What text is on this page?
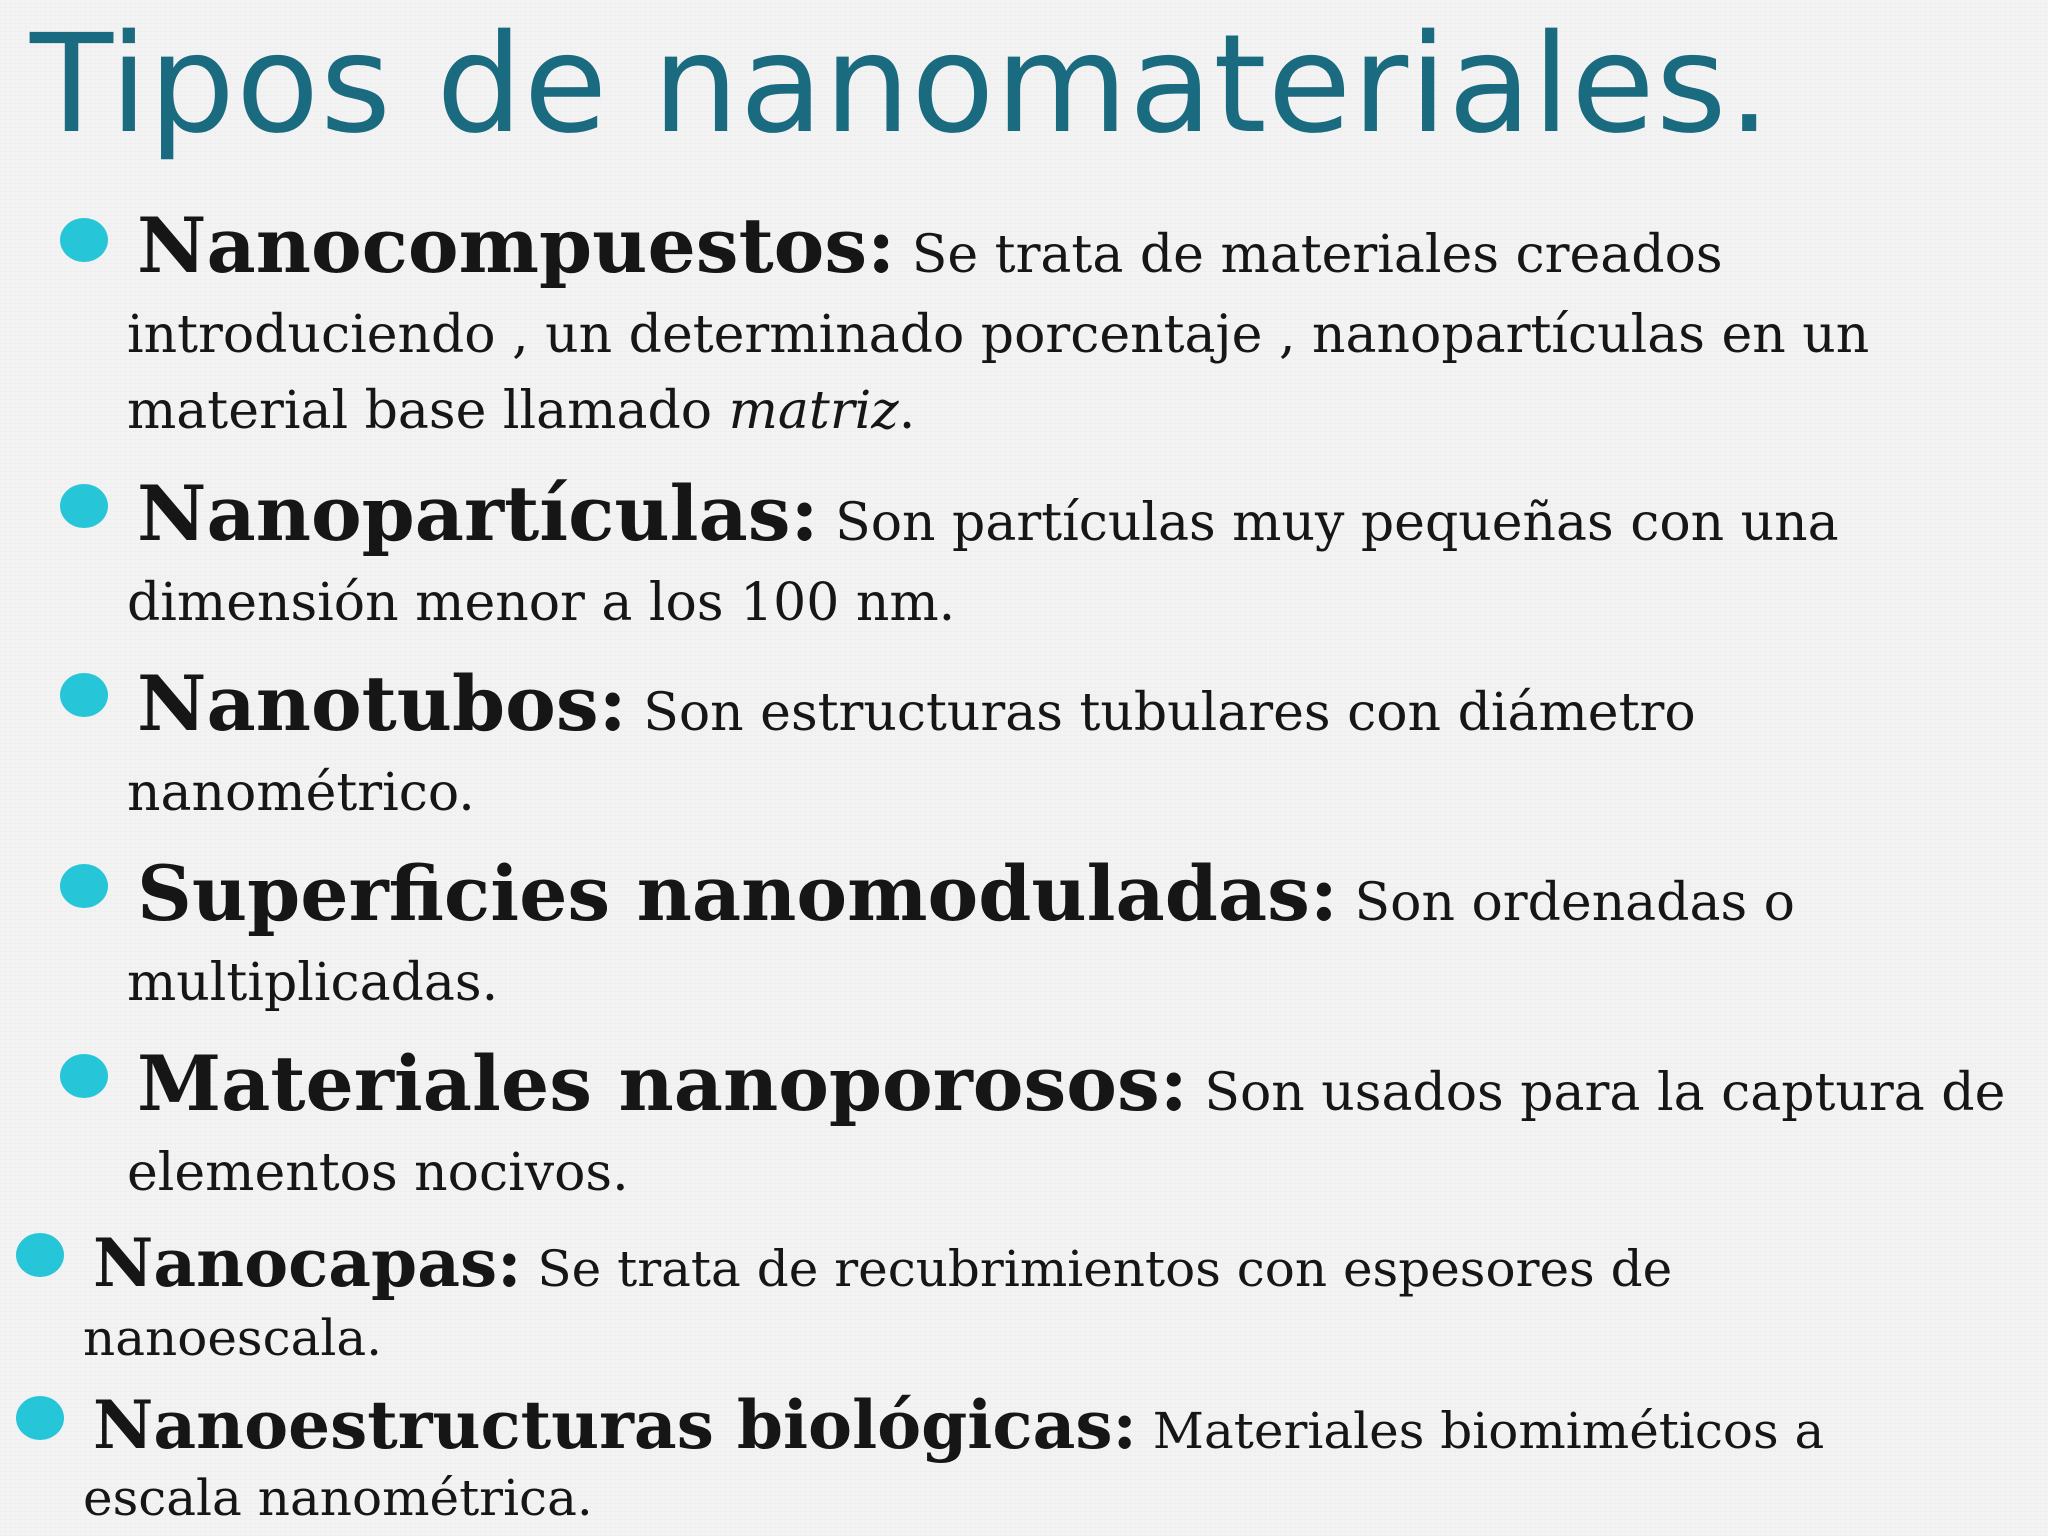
Tipos de nanomateriales.
Nanocompuestos: Se trata de materiales creados
introduciendo , un determinado porcentaje , nanopartículas en un
material base llamado matriz.
Nanopartículas: Son partículas muy pequeñas con una
dimensión menor a los 100 nm.
Nanotubos: Son estructuras tubulares con diámetro
nanométrico.
Superficies nanomoduladas: Son ordenadas o
multiplicadas.
Materiales nanoporosos: Son usados para la captura de
elementos nocivos.
Nanocapas: Se trata de recubrimientos con espesores de
nanoescala.
Nanoestructuras biológicas: Materiales biomiméticos a
escala nanométrica.
